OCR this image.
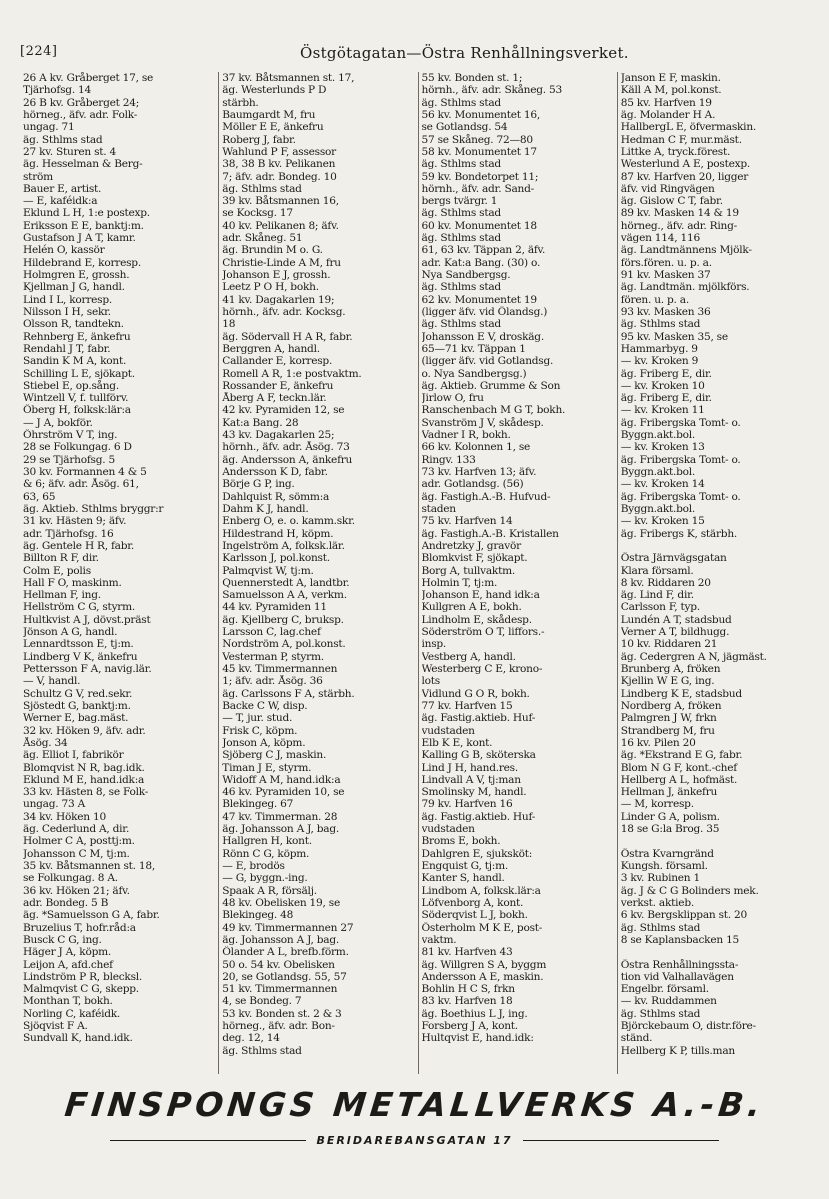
[224]	Östgötagatan—Östra Renhållningsverket.
26 A kv. Gråberget 17, se
Tjärhofsg. 14
26 B kv. Gråberget 24;
hörneg., äfv. adr. Folk-
ungag. 71
äg. Sthlms stad
27 kv. Sturen st. 4
äg. Hesselman & Berg-
ström
Bauer E, artist.
— E, kaféidk:a
Eklund L H, 1:e postexp.
Eriksson E E, banktj:m.
Gustafson J A T, kamr.
Helén O, kassör
Hildebrand E, korresp.
Holmgren E, grossh.
Kjellman J G, handl.
Lind I L, korresp.
Nilsson I H, sekr.
Olsson R, tandtekn.
Rehnberg E, änkefru
Rendahl J T, fabr.
Sandin K M A, kont.
Schilling L E, sjökapt.
Stiebel E, op.sång.
Wintzell V, f. tullförv.
Öberg H, folksk:lär:a
— J A, bokför.
Öhrström V T, ing.
28 se Folkungag. 6 D
29 se Tjärhofsg. 5
30 kv. Formannen 4 & 5
& 6; äfv. adr. Åsög. 61,
63, 65
äg. Aktieb. Sthlms bryggr:r
31 kv. Hästen 9; äfv.
adr. Tjärhofsg. 16
äg. Gentele H R, fabr.
Billton R F, dir.
Colm E, polis
Hall F O, maskinm.
Hellman F, ing.
Hellström C G, styrm.
Hultkvist A J, dövst.präst
Jönson A G, handl.
Lennardtsson E, tj:m.
Lindberg V K, änkefru
Pettersson F A, navig.lär.
— V, handl.
Schultz G V, red.sekr.
Sjöstedt G, banktj:m.
Werner E, bag.mäst.
32 kv. Höken 9, äfv. adr.
Åsög. 34
äg. Elliot I, fabrikör
Blomqvist N R, bag.idk.
Eklund M E, hand.idk:a
33 kv. Hästen 8, se Folk-
ungag. 73 A
34 kv. Höken 10
äg. Cederlund A, dir.
Holmer C A, posttj:m.
Johansson C M, tj:m.
35 kv. Båtsmannen st. 18,
se Folkungag. 8 A.
36 kv. Höken 21; äfv.
adr. Bondeg. 5 B
äg. *Samuelsson G A, fabr.
Bruzelius T, hofr.råd:a
Busck C G, ing.
Häger J A, köpm.
Leijon A, afd.chef
Lindström P R, blecksl.
Malmqvist C G, skepp.
Monthan T, bokh.
Norling C, kaféidk.
Sjöqvist F A.
Sundvall K, hand.idk.
37 kv. Båtsmannen st. 17,
äg. Westerlunds P D
stärbh.
Baumgardt M, fru
Möller E E, änkefru
Roberg J, fabr.
Wahlund P F, assessor
38, 38 B kv. Pelikanen
7; äfv. adr. Bondeg. 10
äg. Sthlms stad
39 kv. Båtsmannen 16,
se Kocksg. 17
40 kv. Pelikanen 8; äfv.
adr. Skåneg. 51
äg. Brundin M o. G.
Christie-Linde A M, fru
Johanson E J, grossh.
Leetz P O H, bokh.
41 kv. Dagakarlen 19;
hörnh., äfv. adr. Kocksg.
18
äg. Södervall H A R, fabr.
Berggren A, handl.
Callander E, korresp.
Romell A R, 1:e postvaktm.
Rossander E, änkefru
Åberg A F, teckn.lär.
42 kv. Pyramiden 12, se
Kat:a Bang. 28
43 kv. Dagakarlen 25;
hörnh., äfv. adr. Åsög. 73
äg. Andersson A, änkefru
Andersson K D, fabr.
Börje G P, ing.
Dahlquist R, sömm:a
Dahm K J, handl.
Enberg O, e. o. kamm.skr.
Hildestrand H, köpm.
Ingelström A, folksk.lär.
Karlsson J, pol.konst.
Palmqvist W, tj:m.
Quennerstedt A, landtbr.
Samuelsson A A, verkm.
44 kv. Pyramiden 11
äg. Kjellberg C, bruksp.
Larsson C, lag.chef
Nordström A, pol.konst.
Vesterman P, styrm.
45 kv. Timmermannen
1; äfv. adr. Åsög. 36
äg. Carlssons F A, stärbh.
Backe C W, disp.
— T, jur. stud.
Frisk C, köpm.
Jonson A, köpm.
Sjöberg C J, maskin.
Timan J E, styrm.
Widoff A M, hand.idk:a
46 kv. Pyramiden 10, se
Blekingeg. 67
47 kv. Timmerman. 28
äg. Johansson A J, bag.
Hallgren H, kont.
Rönn C G, köpm.
— E, brodös
— G, byggn.-ing.
Spaak A R, försälj.
48 kv. Obelisken 19, se
Blekingeg. 48
49 kv. Timmermannen 27
äg. Johansson A J, bag.
Ölander A L, brefb.förm.
50 o. 54 kv. Obelisken
20, se Gotlandsg. 55, 57
51 kv. Timmermannen
4, se Bondeg. 7
53 kv. Bonden st. 2 & 3
hörneg., äfv. adr. Bon-
deg. 12, 14
äg. Sthlms stad
55 kv. Bonden st. 1;
hörnh., äfv. adr. Skåneg. 53
äg. Sthlms stad
56 kv. Monumentet 16,
se Gotlandsg. 54
57 se Skåneg. 72—80
58 kv. Monumentet 17
äg. Sthlms stad
59 kv. Bondetorpet 11;
hörnh., äfv. adr. Sand-
bergs tvärgr. 1
äg. Sthlms stad
60 kv. Monumentet 18
äg. Sthlms stad
61, 63 kv. Täppan 2, äfv.
adr. Kat:a Bang. (30) o.
Nya Sandbergsg.
äg. Sthlms stad
62 kv. Monumentet 19
(ligger äfv. vid Ölandsg.)
äg. Sthlms stad
Johansson E V, droskäg.
65—71 kv. Täppan 1
(ligger äfv. vid Gotlandsg.
o. Nya Sandbergsg.)
äg. Aktieb. Grumme & Son
Jirlow O, fru
Ranschenbach M G T, bokh.
Svanström J V, skådesp.
Vadner I R, bokh.
66 kv. Kolonnen 1, se
Ringv. 133
73 kv. Harfven 13; äfv.
adr. Gotlandsg. (56)
äg. Fastigh.A.-B. Hufvud-
staden
75 kv. Harfven 14
äg. Fastigh.A.-B. Kristallen
Andretzky J, gravör
Blomkvist F, sjökapt.
Borg A, tullvaktm.
Holmin T, tj:m.
Johanson E, hand idk:a
Kullgren A E, bokh.
Lindholm E, skådesp.
Söderström O T, liffors.-
insp.
Vestberg A, handl.
Westerberg C E, krono-
lots
Vidlund G O R, bokh.
77 kv. Harfven 15
äg. Fastig.aktieb. Huf-
vudstaden
Elb K E, kont.
Kalling G B, sköterska
Lind J H, hand.res.
Lindvall A V, tj:man
Smolinsky M, handl.
79 kv. Harfven 16
äg. Fastig.aktieb. Huf-
vudstaden
Broms E, bokh.
Dahlgren E, sjuksköt:
Engquist G, tj:m.
Kanter S, handl.
Lindbom A, folksk.lär:a
Löfvenborg A, kont.
Söderqvist L J, bokh.
Österholm M K E, post-
vaktm.
81 kv. Harfven 43
äg. Willgren S A, byggm
Andersson A E, maskin.
Bohlin H C S, frkn
83 kv. Harfven 18
äg. Boethius L J, ing.
Forsberg J A, kont.
Hultqvist E, hand.idk:
Janson E F, maskin.
Käll A M, pol.konst.
85 kv. Harfven 19
äg. Molander H A.
HallbergL E, öfvermaskin.
Hedman C F, mur.mäst.
Littke A, tryck.förest.
Westerlund A E, postexp.
87 kv. Harfven 20, ligger
äfv. vid Ringvägen
äg. Gislow C T, fabr.
89 kv. Masken 14 & 19
hörneg., äfv. adr. Ring-
vägen 114, 116
äg. Landtmännens Mjölk-
förs.fören. u. p. a.
91 kv. Masken 37
äg. Landtmän. mjölkförs.
fören. u. p. a.
93 kv. Masken 36
äg. Sthlms stad
95 kv. Masken 35, se
Hammarbyg. 9
— kv. Kroken 9
äg. Friberg E, dir.
— kv. Kroken 10
äg. Friberg E, dir.
— kv. Kroken 11
äg. Fribergska Tomt- o.
Byggn.akt.bol.
— kv. Kroken 13
äg. Fribergska Tomt- o.
Byggn.akt.bol.
— kv. Kroken 14
äg. Fribergska Tomt- o.
Byggn.akt.bol.
— kv. Kroken 15
äg. Fribergs K, stärbh.
Östra Järnvägsgatan
Klara församl.
8 kv. Riddaren 20
äg. Lind F, dir.
Carlsson F, typ.
Lundén A T, stadsbud
Verner A T, bildhugg.
10 kv. Riddaren 21
äg. Cedergren A N, jägmäst.
Brunberg A, fröken
Kjellin W E G, ing.
Lindberg K E, stadsbud
Nordberg A, fröken
Palmgren J W, frkn
Strandberg M, fru
16 kv. Pilen 20
äg. *Ekstrand E G, fabr.
Blom N G F, kont.-chef
Hellberg A L, hofmäst.
Hellman J, änkefru
— M, korresp.
Linder G A, polism.
18 se G:la Brog. 35
Östra Kvarngränd
Kungsh. församl.
3 kv. Rubinen 1
äg. J & C G Bolinders mek.
verkst. aktieb.
6 kv. Bergsklippan st. 20
äg. Sthlms stad
8 se Kaplansbacken 15
Östra Renhållningssta-
tion vid Valhallavägen
Engelbr. församl.
— kv. Ruddammen
äg. Sthlms stad
Björckebaum O, distr.före-
ständ.
Hellberg K P, tills.man
FINSPONGS METALLVERKS A.-B.
BERIDAREBANSGATAN 17
